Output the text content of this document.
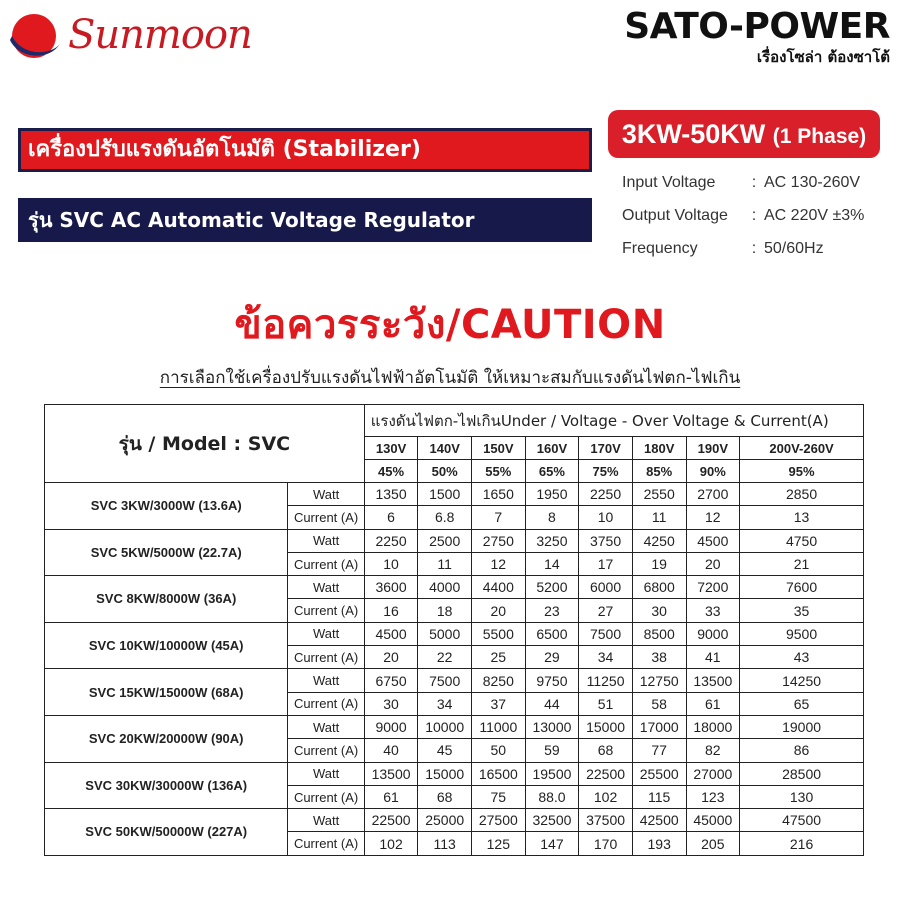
Sunmoon	SATO-POWER
เรื่องโซล่า ต้องซาโต้
เครื่องปรับแรงดันอัตโนมัติ (Stabilizer)
รุ่น SVC AC Automatic Voltage Regulator
3KW-50KW (1 Phase)
Input Voltage	: AC 130-260V
Output Voltage	: AC 220V ±3%
Frequency	: 50/60Hz
ข้อควรระวัง/CAUTION
การเลือกใช้เครื่องปรับแรงดันไฟฟ้าอัตโนมัติ ให้เหมาะสมกับแรงดันไฟตก-ไฟเกิน
รุ่น / Model : SVC		แรงดันไฟตก-ไฟเกินUnder / Voltage - Over Voltage & Current(A)							
		130V	140V	150V	160V	170V	180V	190V	200V-260V
		45%	50%	55%	65%	75%	85%	90%	95%
SVC 3KW/3000W (13.6A)	Watt	1350	1500	1650	1950	2250	2550	2700	2850
	Current (A)	6	6.8	7	8	10	11	12	13
SVC 5KW/5000W (22.7A)	Watt	2250	2500	2750	3250	3750	4250	4500	4750
	Current (A)	10	11	12	14	17	19	20	21
SVC 8KW/8000W (36A)	Watt	3600	4000	4400	5200	6000	6800	7200	7600
	Current (A)	16	18	20	23	27	30	33	35
SVC 10KW/10000W (45A)	Watt	4500	5000	5500	6500	7500	8500	9000	9500
	Current (A)	20	22	25	29	34	38	41	43
SVC 15KW/15000W (68A)	Watt	6750	7500	8250	9750	11250	12750	13500	14250
	Current (A)	30	34	37	44	51	58	61	65
SVC 20KW/20000W (90A)	Watt	9000	10000	11000	13000	15000	17000	18000	19000
	Current (A)	40	45	50	59	68	77	82	86
SVC 30KW/30000W (136A)	Watt	13500	15000	16500	19500	22500	25500	27000	28500
	Current (A)	61	68	75	88.0	102	115	123	130
SVC 50KW/50000W (227A)	Watt	22500	25000	27500	32500	37500	42500	45000	47500
	Current (A)	102	113	125	147	170	193	205	216
